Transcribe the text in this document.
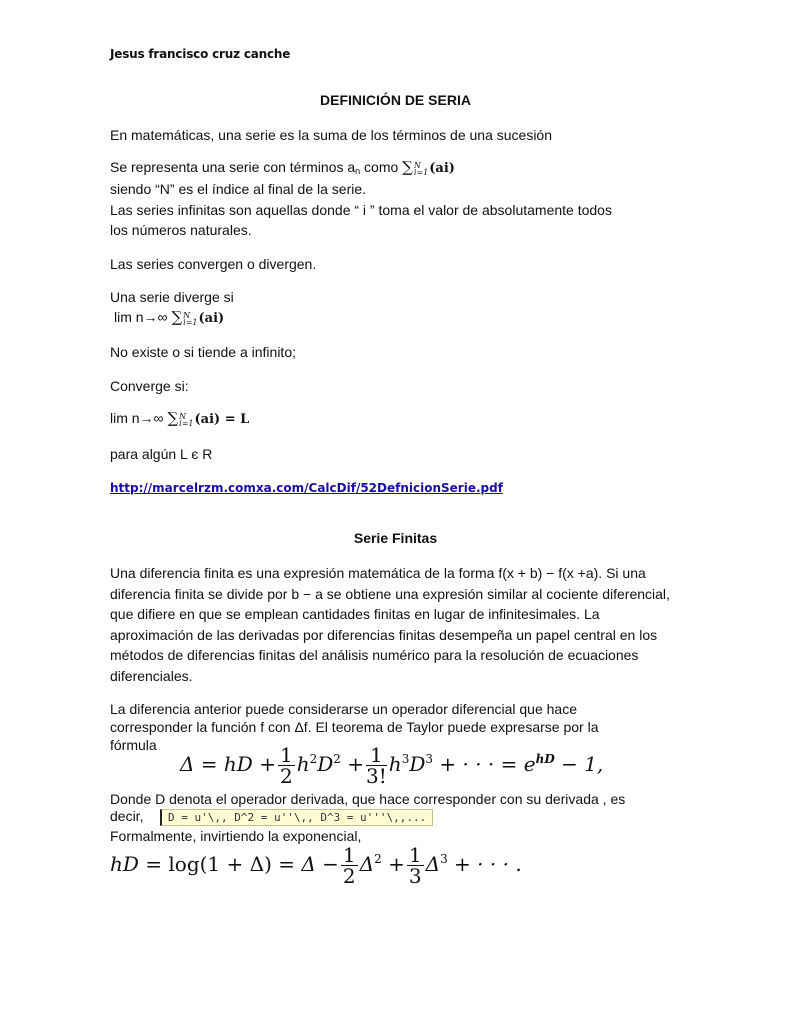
Jesus francisco cruz canche
DEFINICIÓN DE SERIA
En matemáticas, una serie es la suma de los términos de una sucesión
Se representa una serie con términos $a_n$ como ∑N
i=1(ai)
siendo “N” es el índice al final de la serie.
Las series infinitas son aquellas donde “ i ” toma el valor de absolutamente todos
los números naturales.
Las series convergen o divergen.
Una serie diverge si
lim n→∞ ∑N
i=1(ai)
No existe o si tiende a infinito;
Converge si:
lim n→∞ ∑N
i=1(ai) = L
para algún L є R
http://marcelrzm.comxa.com/CalcDif/52DefnicionSerie.pdf
Serie Finitas
Una diferencia finita es una expresión matemática de la forma f(x + b) − f(x +a). Si una diferencia finita se divide por b − a se obtiene una expresión similar al cociente diferencial, que difiere en que se emplean cantidades finitas en lugar de infinitesimales. La aproximación de las derivadas por diferencias finitas desempeña un papel central en los métodos de diferencias finitas del análisis numérico para la resolución de ecuaciones diferenciales.
La diferencia anterior puede considerarse un operador diferencial que hace
corresponder la función f con Δf. El teorema de Taylor puede expresarse por la
fórmula
Δ = hD + $\frac{1}{2} h^2D^2 + \frac{1}{3!} h^3D^3$ + · · · = $e^{hD} - 1$,
Donde D denota el operador derivada, que hace corresponder con su derivada , es
decir,	D = u'\,, D^2 = u''\,, D^3 = u'''\,,...
Formalmente, invirtiendo la exponencial,
hD = $\log(1 + \Delta) = \Delta - \frac{1}{2} \Delta^2 + \frac{1}{3} \Delta^3$ + · · · .
